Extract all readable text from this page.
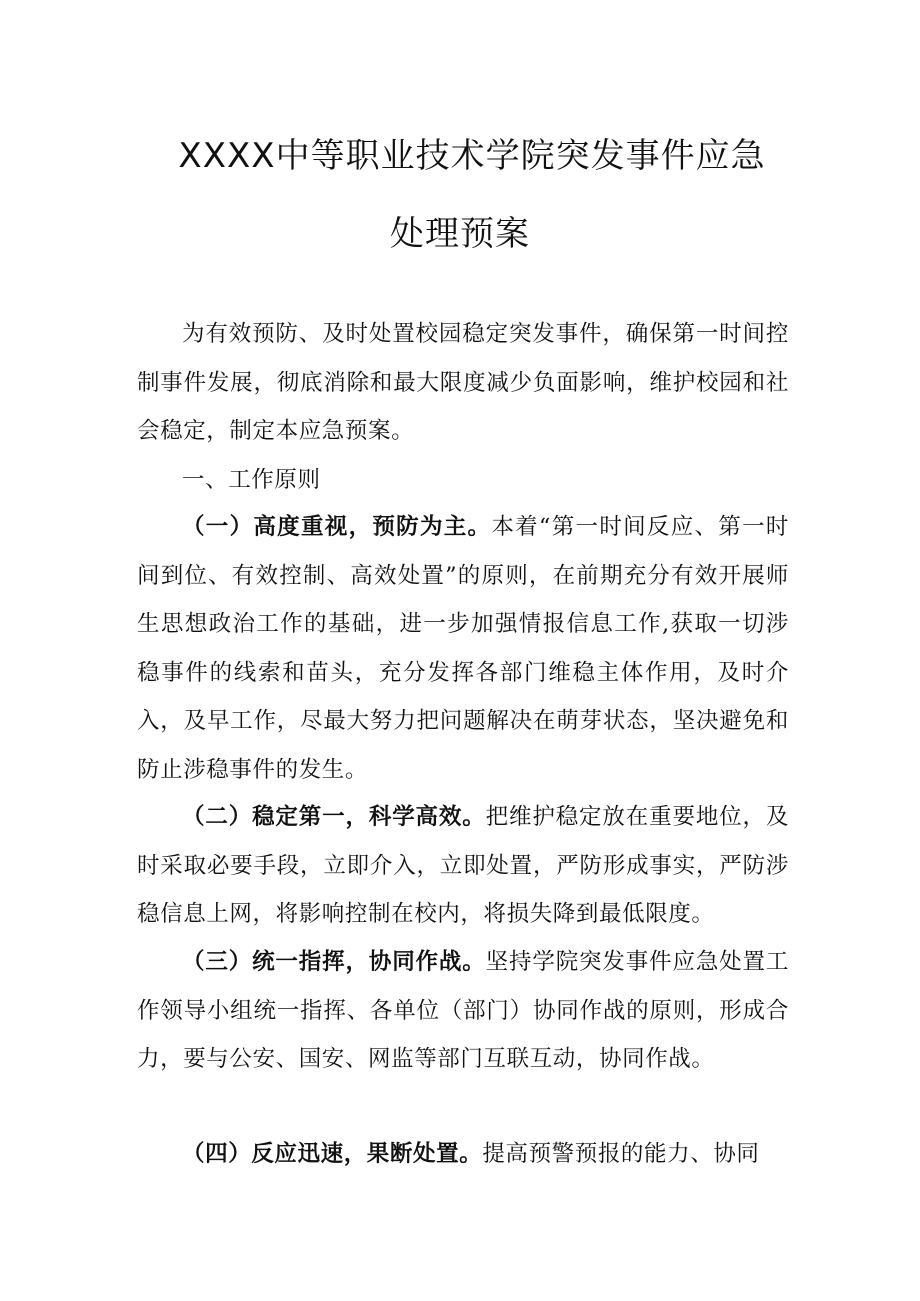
XXXX中等职业技术学院突发事件应急
处理预案

为有效预防、及时处置校园稳定突发事件，确保第一时间控制事件发展，彻底消除和最大限度减少负面影响，维护校园和社会稳定，制定本应急预案。

一、工作原则

（一）高度重视，预防为主。本着“第一时间反应、第一时间到位、有效控制、高效处置”的原则，在前期充分有效开展师生思想政治工作的基础，进一步加强情报信息工作,获取一切涉稳事件的线索和苗头，充分发挥各部门维稳主体作用，及时介入，及早工作，尽最大努力把问题解决在萌芽状态，坚决避免和防止涉稳事件的发生。

（二）稳定第一，科学高效。把维护稳定放在重要地位，及时采取必要手段，立即介入，立即处置，严防形成事实，严防涉稳信息上网，将影响控制在校内，将损失降到最低限度。

（三）统一指挥，协同作战。坚持学院突发事件应急处置工作领导小组统一指挥、各单位（部门）协同作战的原则，形成合力，要与公安、国安、网监等部门互联互动，协同作战。

（四）反应迅速，果断处置。提高预警预报的能力、协同
